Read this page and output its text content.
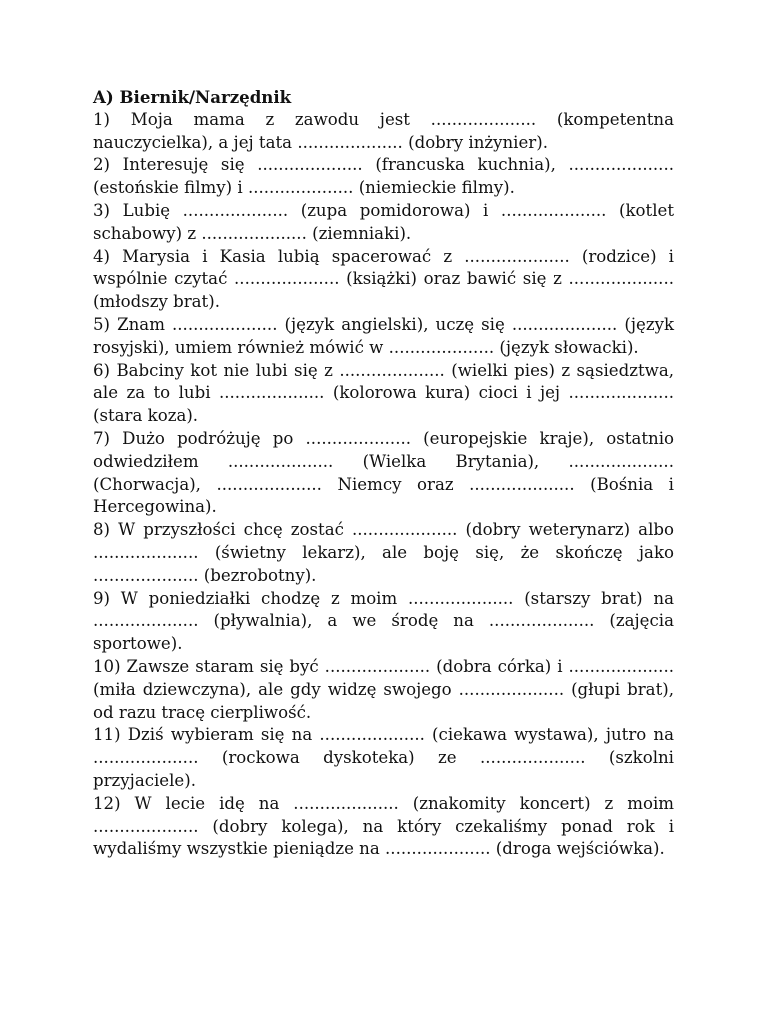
A) Biernik/Narzędnik
1) Moja mama z zawodu jest .................... (kompetentna nauczycielka), a jej tata .................... (dobry inżynier).
2) Interesuję się .................... (francuska kuchnia), .................... (estońskie filmy) i .................... (niemieckie filmy).
3) Lubię .................... (zupa pomidorowa) i .................... (kotlet schabowy) z .................... (ziemniaki).
4) Marysia i Kasia lubią spacerować z .................... (rodzice) i wspólnie czytać .................... (książki) oraz bawić się z .................... (młodszy brat).
5) Znam .................... (język angielski), uczę się .................... (język rosyjski), umiem również mówić w .................... (język słowacki).
6) Babciny kot nie lubi się z .................... (wielki pies) z sąsiedztwa, ale za to lubi .................... (kolorowa kura) cioci i jej .................... (stara koza).
7) Dużo podróżuję po .................... (europejskie kraje), ostatnio odwiedziłem .................... (Wielka Brytania), .................... (Chorwacja), .................... Niemcy oraz .................... (Bośnia i Hercegowina).
8) W przyszłości chcę zostać .................... (dobry weterynarz) albo .................... (świetny lekarz), ale boję się, że skończę jako .................... (bezrobotny).
9) W poniedziałki chodzę z moim .................... (starszy brat) na .................... (pływalnia), a we środę na .................... (zajęcia sportowe).
10) Zawsze staram się być .................... (dobra córka) i .................... (miła dziewczyna), ale gdy widzę swojego .................... (głupi brat), od razu tracę cierpliwość.
11) Dziś wybieram się na .................... (ciekawa wystawa), jutro na .................... (rockowa dyskoteka) ze .................... (szkolni przyjaciele).
12) W lecie idę na .................... (znakomity koncert) z moim .................... (dobry kolega), na który czekaliśmy ponad rok i wydaliśmy wszystkie pieniądze na .................... (droga wejściówka).
